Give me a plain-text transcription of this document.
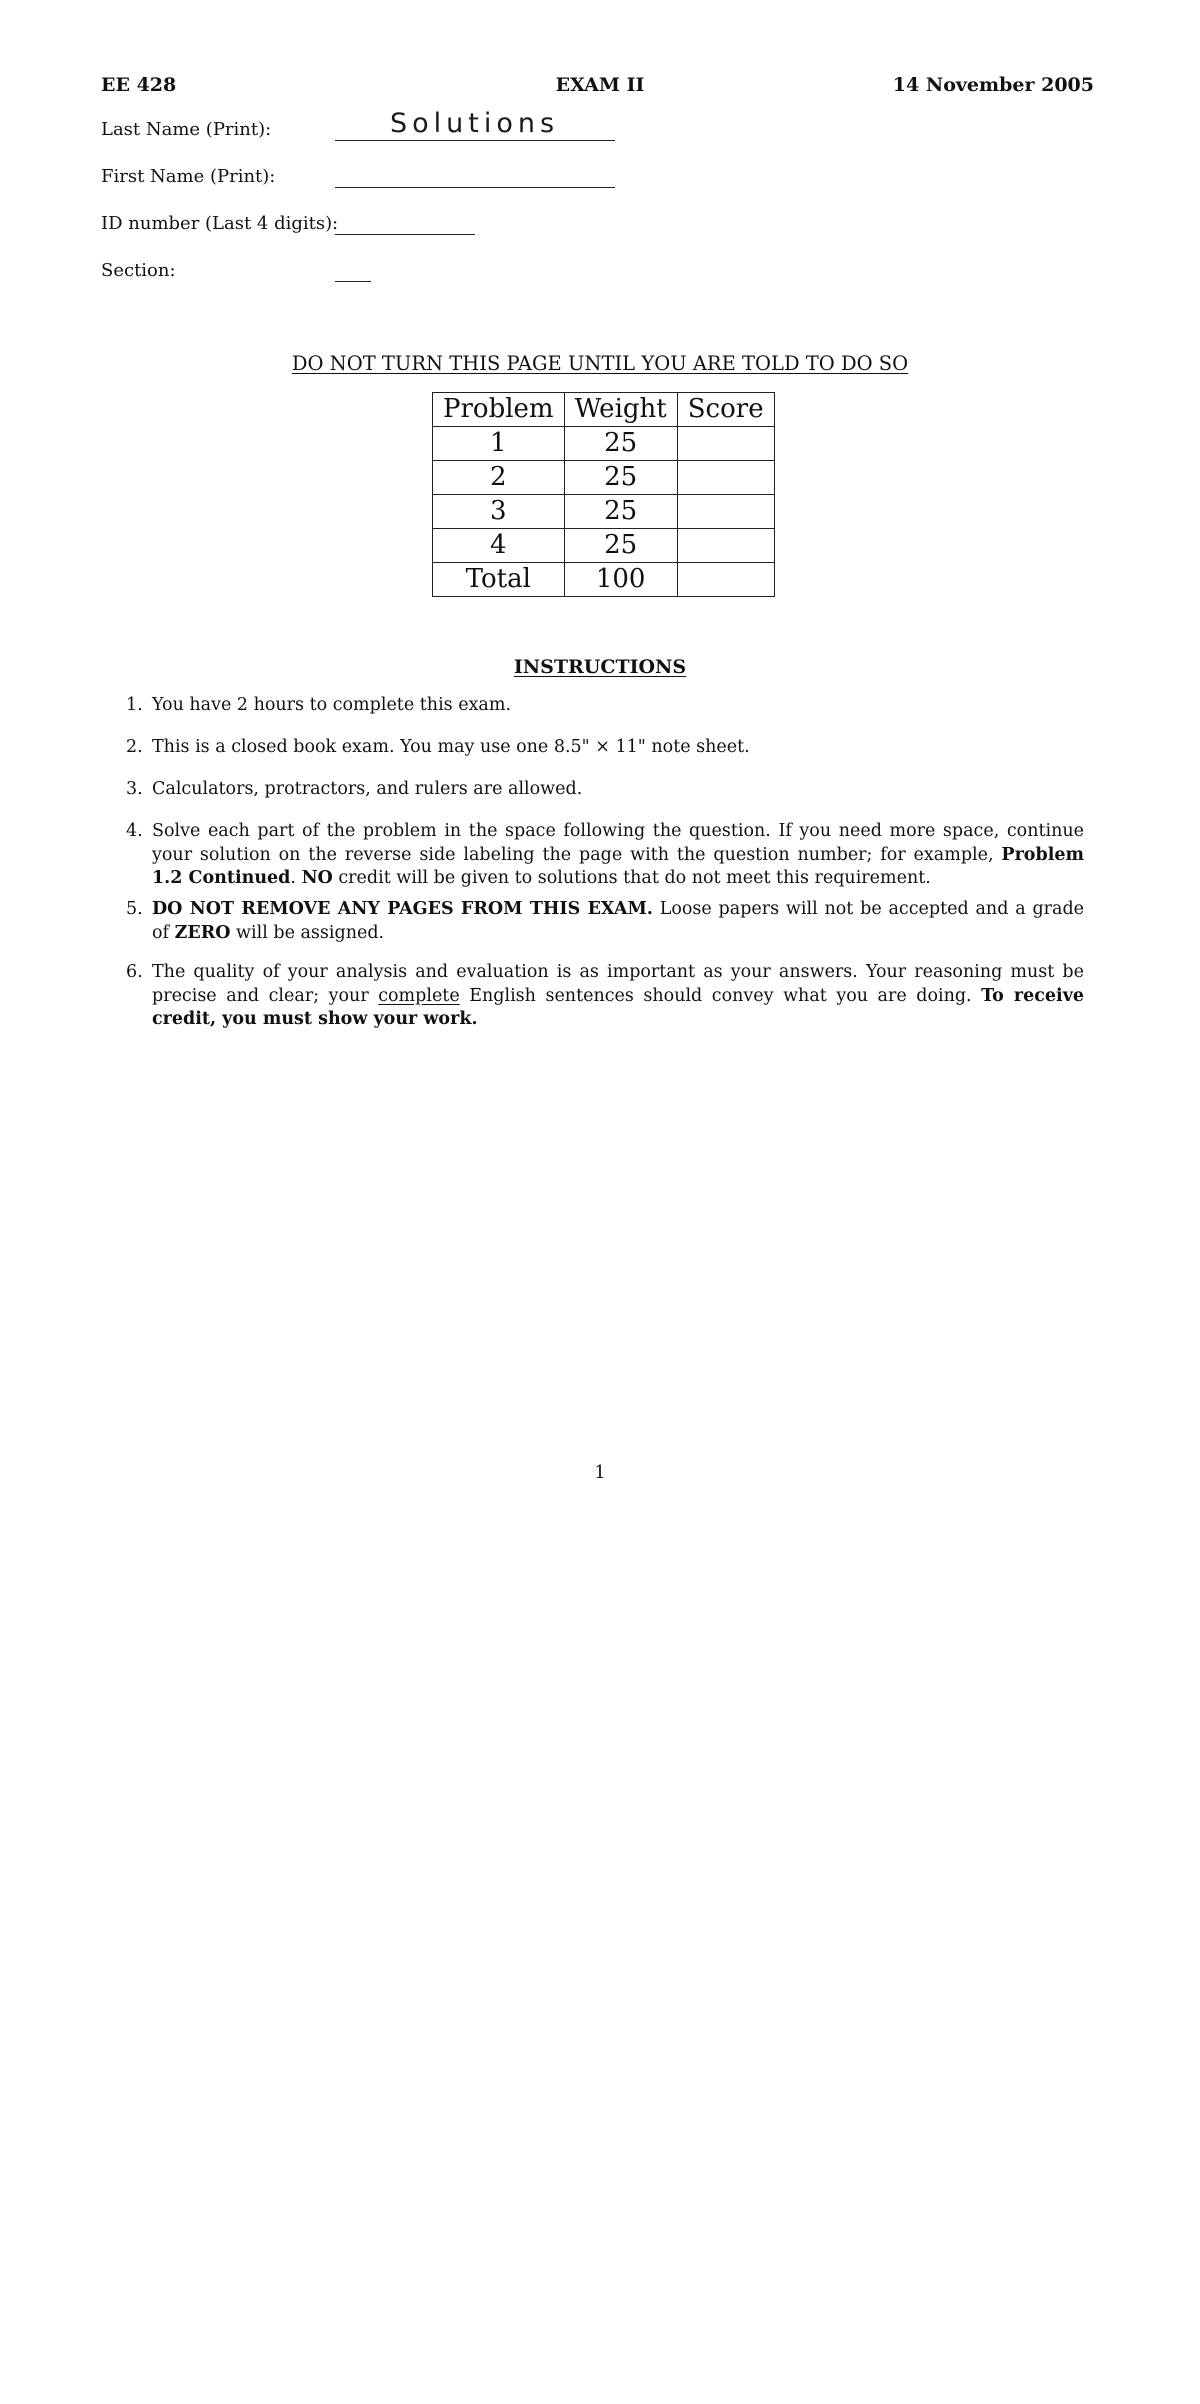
EE 428	EXAM II	14 November 2005
Last Name (Print):	Solutions
First Name (Print):
ID number (Last 4 digits):
Section:
DO NOT TURN THIS PAGE UNTIL YOU ARE TOLD TO DO SO
Problem	Weight	Score
1	25	
2	25	
3	25	
4	25	
Total	100	
INSTRUCTIONS
1. You have 2 hours to complete this exam.
2. This is a closed book exam. You may use one 8.5" × 11" note sheet.
3. Calculators, protractors, and rulers are allowed.
4. Solve each part of the problem in the space following the question. If you need more space, continue your solution on the reverse side labeling the page with the question number; for example, Problem 1.2 Continued. NO credit will be given to solutions that do not meet this requirement.
5. DO NOT REMOVE ANY PAGES FROM THIS EXAM. Loose papers will not be accepted and a grade of ZERO will be assigned.
6. The quality of your analysis and evaluation is as important as your answers. Your reasoning must be precise and clear; your complete English sentences should convey what you are doing. To receive credit, you must show your work.
1
